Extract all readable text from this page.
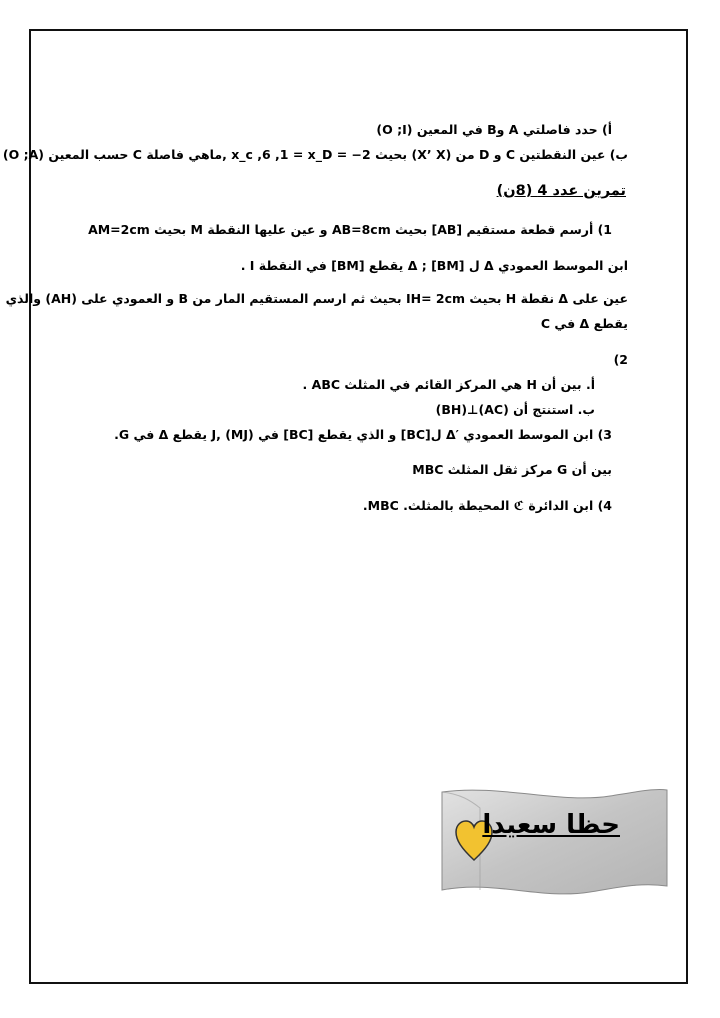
أ) حدد فاصلتي A وB في المعين (O ;I)
ب) عين النقطتين C و D من (X’ X) بحيث 2− = x_c ,6 ,1 = x_D ,ماهي فاصلة C حسب المعين (O ;A)
تمرين عدد 4 (8ن)
1) أرسم قطعة مستقيم [AB] بحيث AB=8cm و عين عليها النقطة M بحيث AM=2cm
ابن الموسط العمودي Δ ل [BM] ; Δ يقطع [BM] في النقطة I .
عين على Δ نقطة H بحيث IH= 2cm بحيث ثم ارسم المستقيم المار من B و العمودي على (AH) والذي
يقطع Δ في C
2)
أ. بين أن H هي المركز القائم في المثلث ABC .
ب. استنتج أن (AC)⊥(BH)
3) ابن الموسط العمودي ′Δ ل[BC] و الذي يقطع [BC] في J, (MJ) يقطع Δ في G.
بين أن G مركز ثقل المثلث MBC
4) ابن الدائرة ℭ المحيطة بالمثلث. MBC.
حظا سعيدا
